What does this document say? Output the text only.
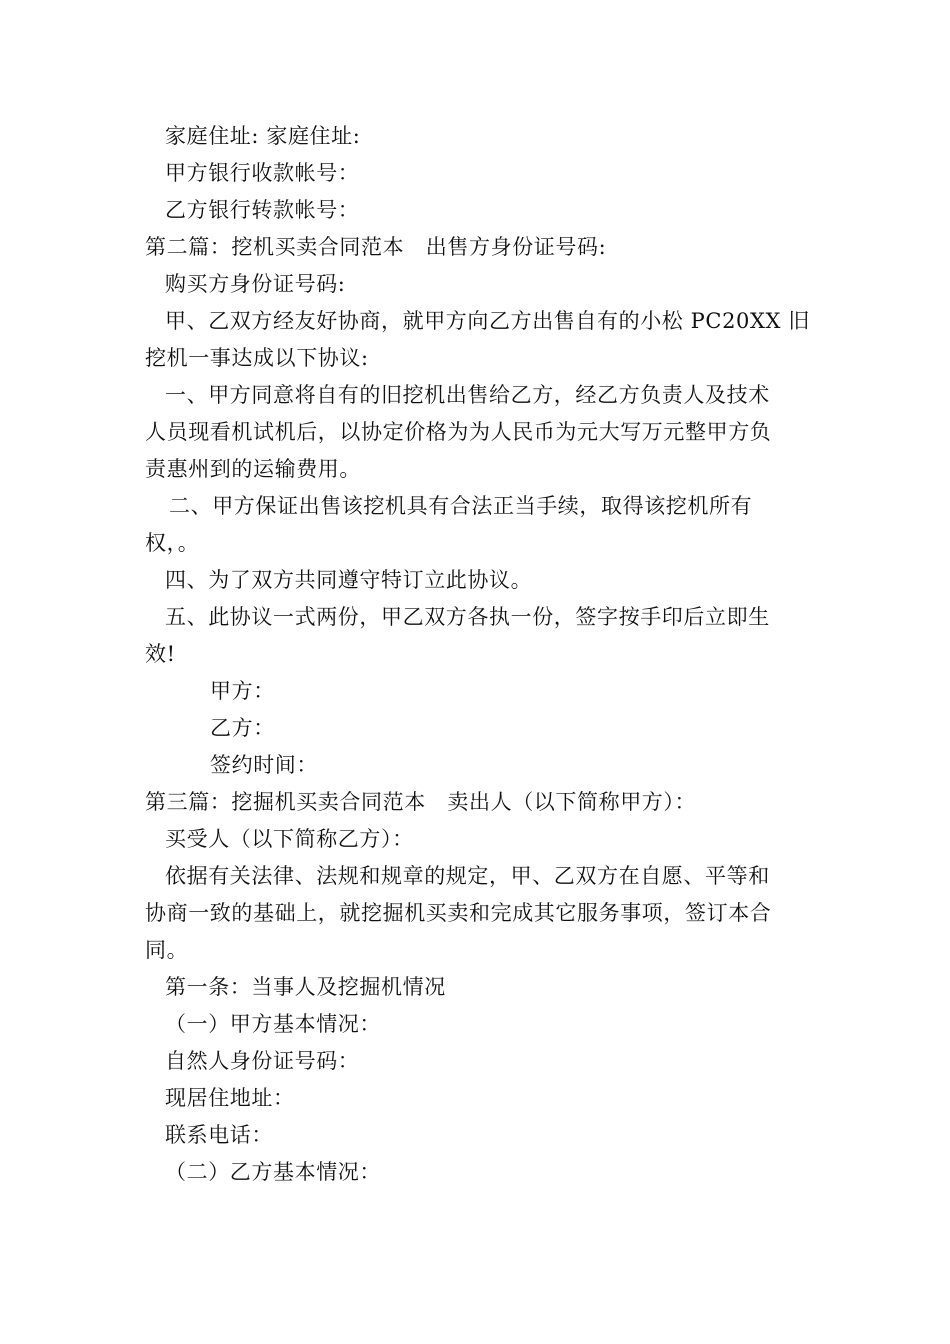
家庭住址: 家庭住址:

甲方银行收款帐号：

乙方银行转款帐号：

第二篇：挖机买卖合同范本　出售方身份证号码:

购买方身份证号码:

甲、乙双方经友好协商，就甲方向乙方出售自有的小松 PC20XX 旧

挖机一事达成以下协议:

一、甲方同意将自有的旧挖机出售给乙方，经乙方负责人及技术

人员现看机试机后，以协定价格为为人民币为元大写万元整甲方负

责惠州到的运输费用。

二、甲方保证出售该挖机具有合法正当手续，取得该挖机所有

权，。

四、为了双方共同遵守特订立此协议。

五、此协议一式两份，甲乙双方各执一份，签字按手印后立即生

效!

甲方：

乙方：

签约时间：

第三篇：挖掘机买卖合同范本　卖出人（以下简称甲方）：

买受人（以下简称乙方）：

依据有关法律、法规和规章的规定，甲、乙双方在自愿、平等和

协商一致的基础上，就挖掘机买卖和完成其它服务事项，签订本合

同。

第一条：当事人及挖掘机情况

（一）甲方基本情况：

自然人身份证号码：

现居住地址：

联系电话：

（二）乙方基本情况：
